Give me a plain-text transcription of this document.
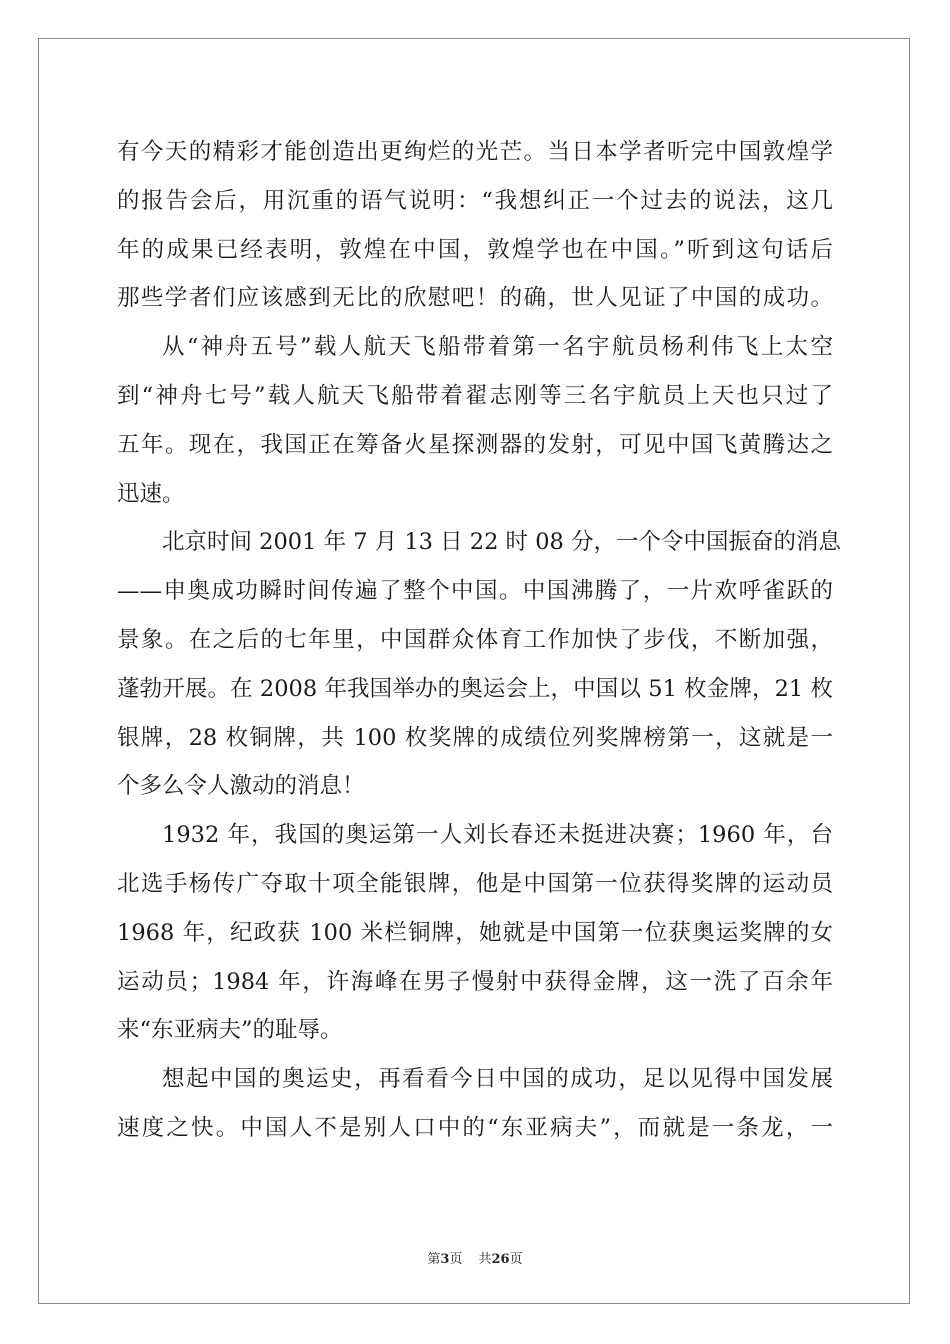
有今天的精彩才能创造出更绚烂的光芒。当日本学者听完中国敦煌学
的报告会后，用沉重的语气说明：“我想纠正一个过去的说法，这几
年的成果已经表明，敦煌在中国，敦煌学也在中国。”听到这句话后
那些学者们应该感到无比的欣慰吧！的确，世人见证了中国的成功。
从“神舟五号”载人航天飞船带着第一名宇航员杨利伟飞上太空
到“神舟七号”载人航天飞船带着翟志刚等三名宇航员上天也只过了
五年。现在，我国正在筹备火星探测器的发射，可见中国飞黄腾达之
迅速。
北京时间 2001 年 7 月 13 日 22 时 08 分，一个令中国振奋的消息
——申奥成功瞬时间传遍了整个中国。中国沸腾了，一片欢呼雀跃的
景象。在之后的七年里，中国群众体育工作加快了步伐，不断加强，
蓬勃开展。在 2008 年我国举办的奥运会上，中国以 51 枚金牌，21 枚
银牌，28 枚铜牌，共 100 枚奖牌的成绩位列奖牌榜第一，这就是一
个多么令人激动的消息！
1932 年，我国的奥运第一人刘长春还未挺进决赛；1960 年，台
北选手杨传广夺取十项全能银牌，他是中国第一位获得奖牌的运动员
1968 年，纪政获 100 米栏铜牌，她就是中国第一位获奥运奖牌的女
运动员；1984 年，许海峰在男子慢射中获得金牌，这一洗了百余年
来“东亚病夫”的耻辱。
想起中国的奥运史，再看看今日中国的成功，足以见得中国发展
速度之快。中国人不是别人口中的“东亚病夫”，而就是一条龙，一
第3页 共26页
